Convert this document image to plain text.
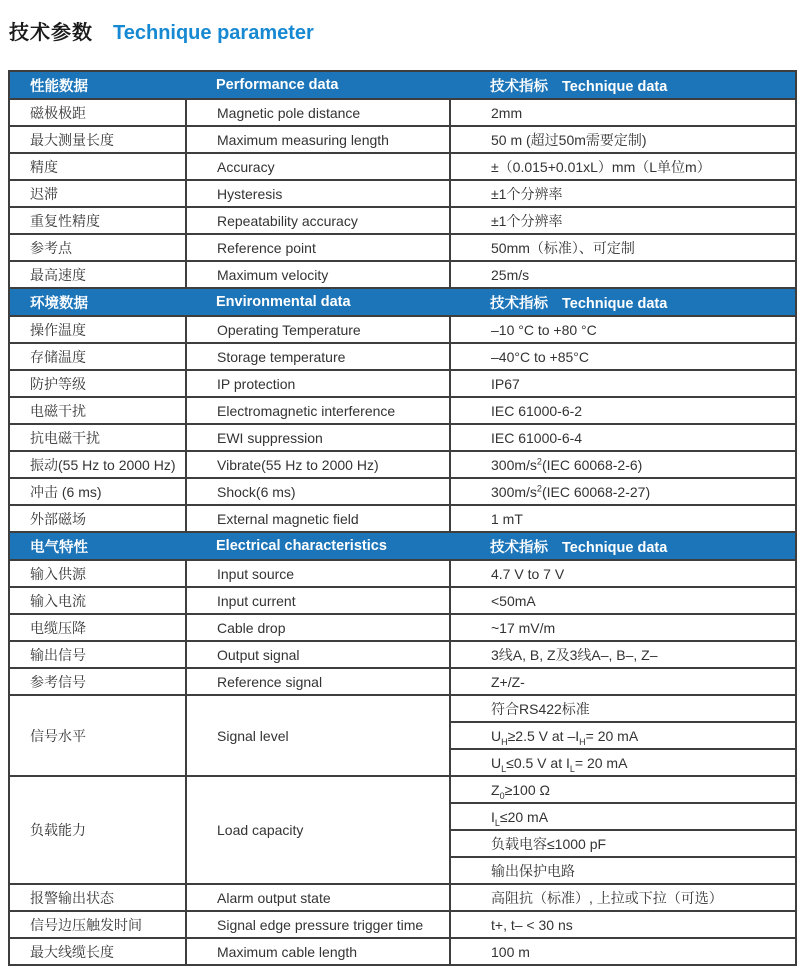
技术参数 Technique parameter
性能数据	Performance data	技术指标 Technique data
磁极极距	Magnetic pole distance	2mm
最大测量长度	Maximum measuring length	50 m (超过50m需要定制)
精度	Accuracy	±（0.015+0.01xL）mm（L单位m）
迟滞	Hysteresis	±1个分辨率
重复性精度	Repeatability accuracy	±1个分辨率
参考点	Reference point	50mm（标准）、可定制
最高速度	Maximum velocity	25m/s
环境数据	Environmental data	技术指标 Technique data
操作温度	Operating Temperature	–10 °C to +80 °C
存储温度	Storage temperature	–40°C to +85°C
防护等级	IP protection	IP67
电磁干扰	Electromagnetic interference	IEC 61000-6-2
抗电磁干扰	EWI suppression	IEC 61000-6-4
振动(55 Hz to 2000 Hz)	Vibrate(55 Hz to 2000 Hz)	$300m/s^2(IEC$ 60068-2-6)
冲击 (6 ms)	Shock(6 ms)	$300m/s^2(IEC$ 60068-2-27)
外部磁场	External magnetic field	1 mT
电气特性	Electrical characteristics	技术指标 Technique data
输入供源	Input source	4.7 V to 7 V
输入电流	Input current	<50mA
电缆压降	Cable drop	~17 mV/m
输出信号	Output signal	3线A, B, Z及3线A–, B–, Z–
参考信号	Reference signal	Z+/Z-
信号水平	Signal level	符合RS422标准
		$U_H\ge 2.5$ V at $-I_H= 20$ mA
		$U_L\le 0.5$ V at $I_L= 20$ mA
负载能力	Load capacity	$Z_0\ge 100$ Ω
		$I_L\le 20$ mA
		负载电容≤1000 pF
		输出保护电路
报警输出状态	Alarm output state	高阻抗（标准）, 上拉或下拉（可选）
信号边压触发时间	Signal edge pressure trigger time	t+, t– < 30 ns
最大线缆长度	Maximum cable length	100 m
